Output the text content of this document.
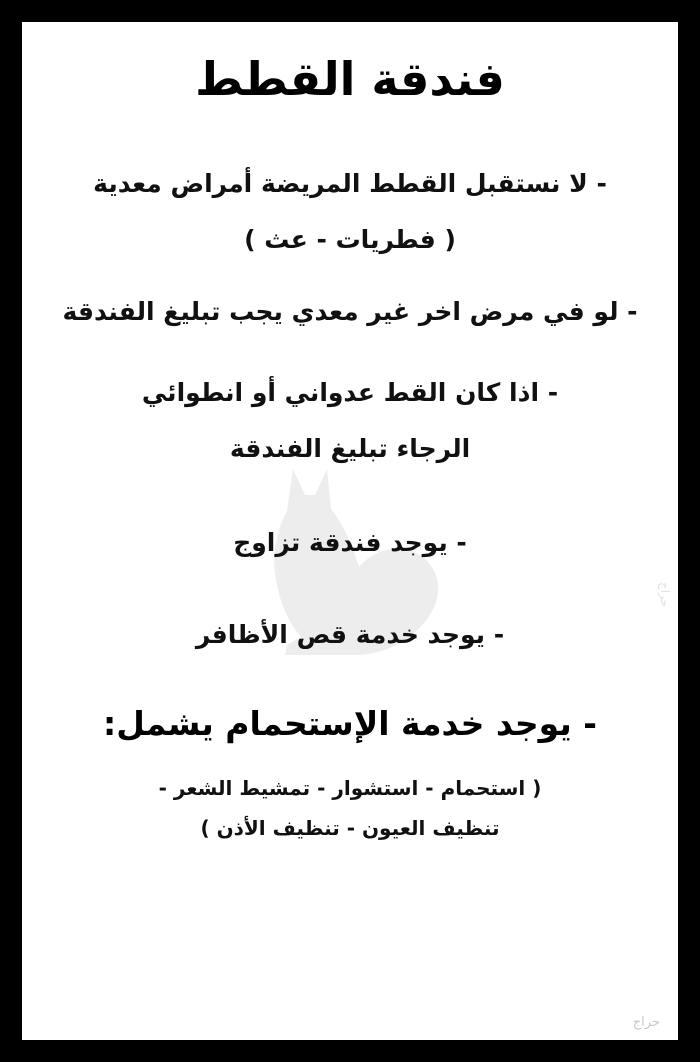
فندقة القطط
- لا نستقبل القطط المريضة أمراض معدية
( فطريات - عث )
- لو في مرض اخر غير معدي يجب تبليغ الفندقة
- اذا كان القط عدواني أو انطوائي
الرجاء تبليغ الفندقة
- يوجد فندقة تزاوج
- يوجد خدمة قص الأظافر
- يوجد خدمة الإستحمام يشمل:
( استحمام - استشوار - تمشيط الشعر -
تنظيف العيون - تنظيف الأذن )
حراج
حراج
